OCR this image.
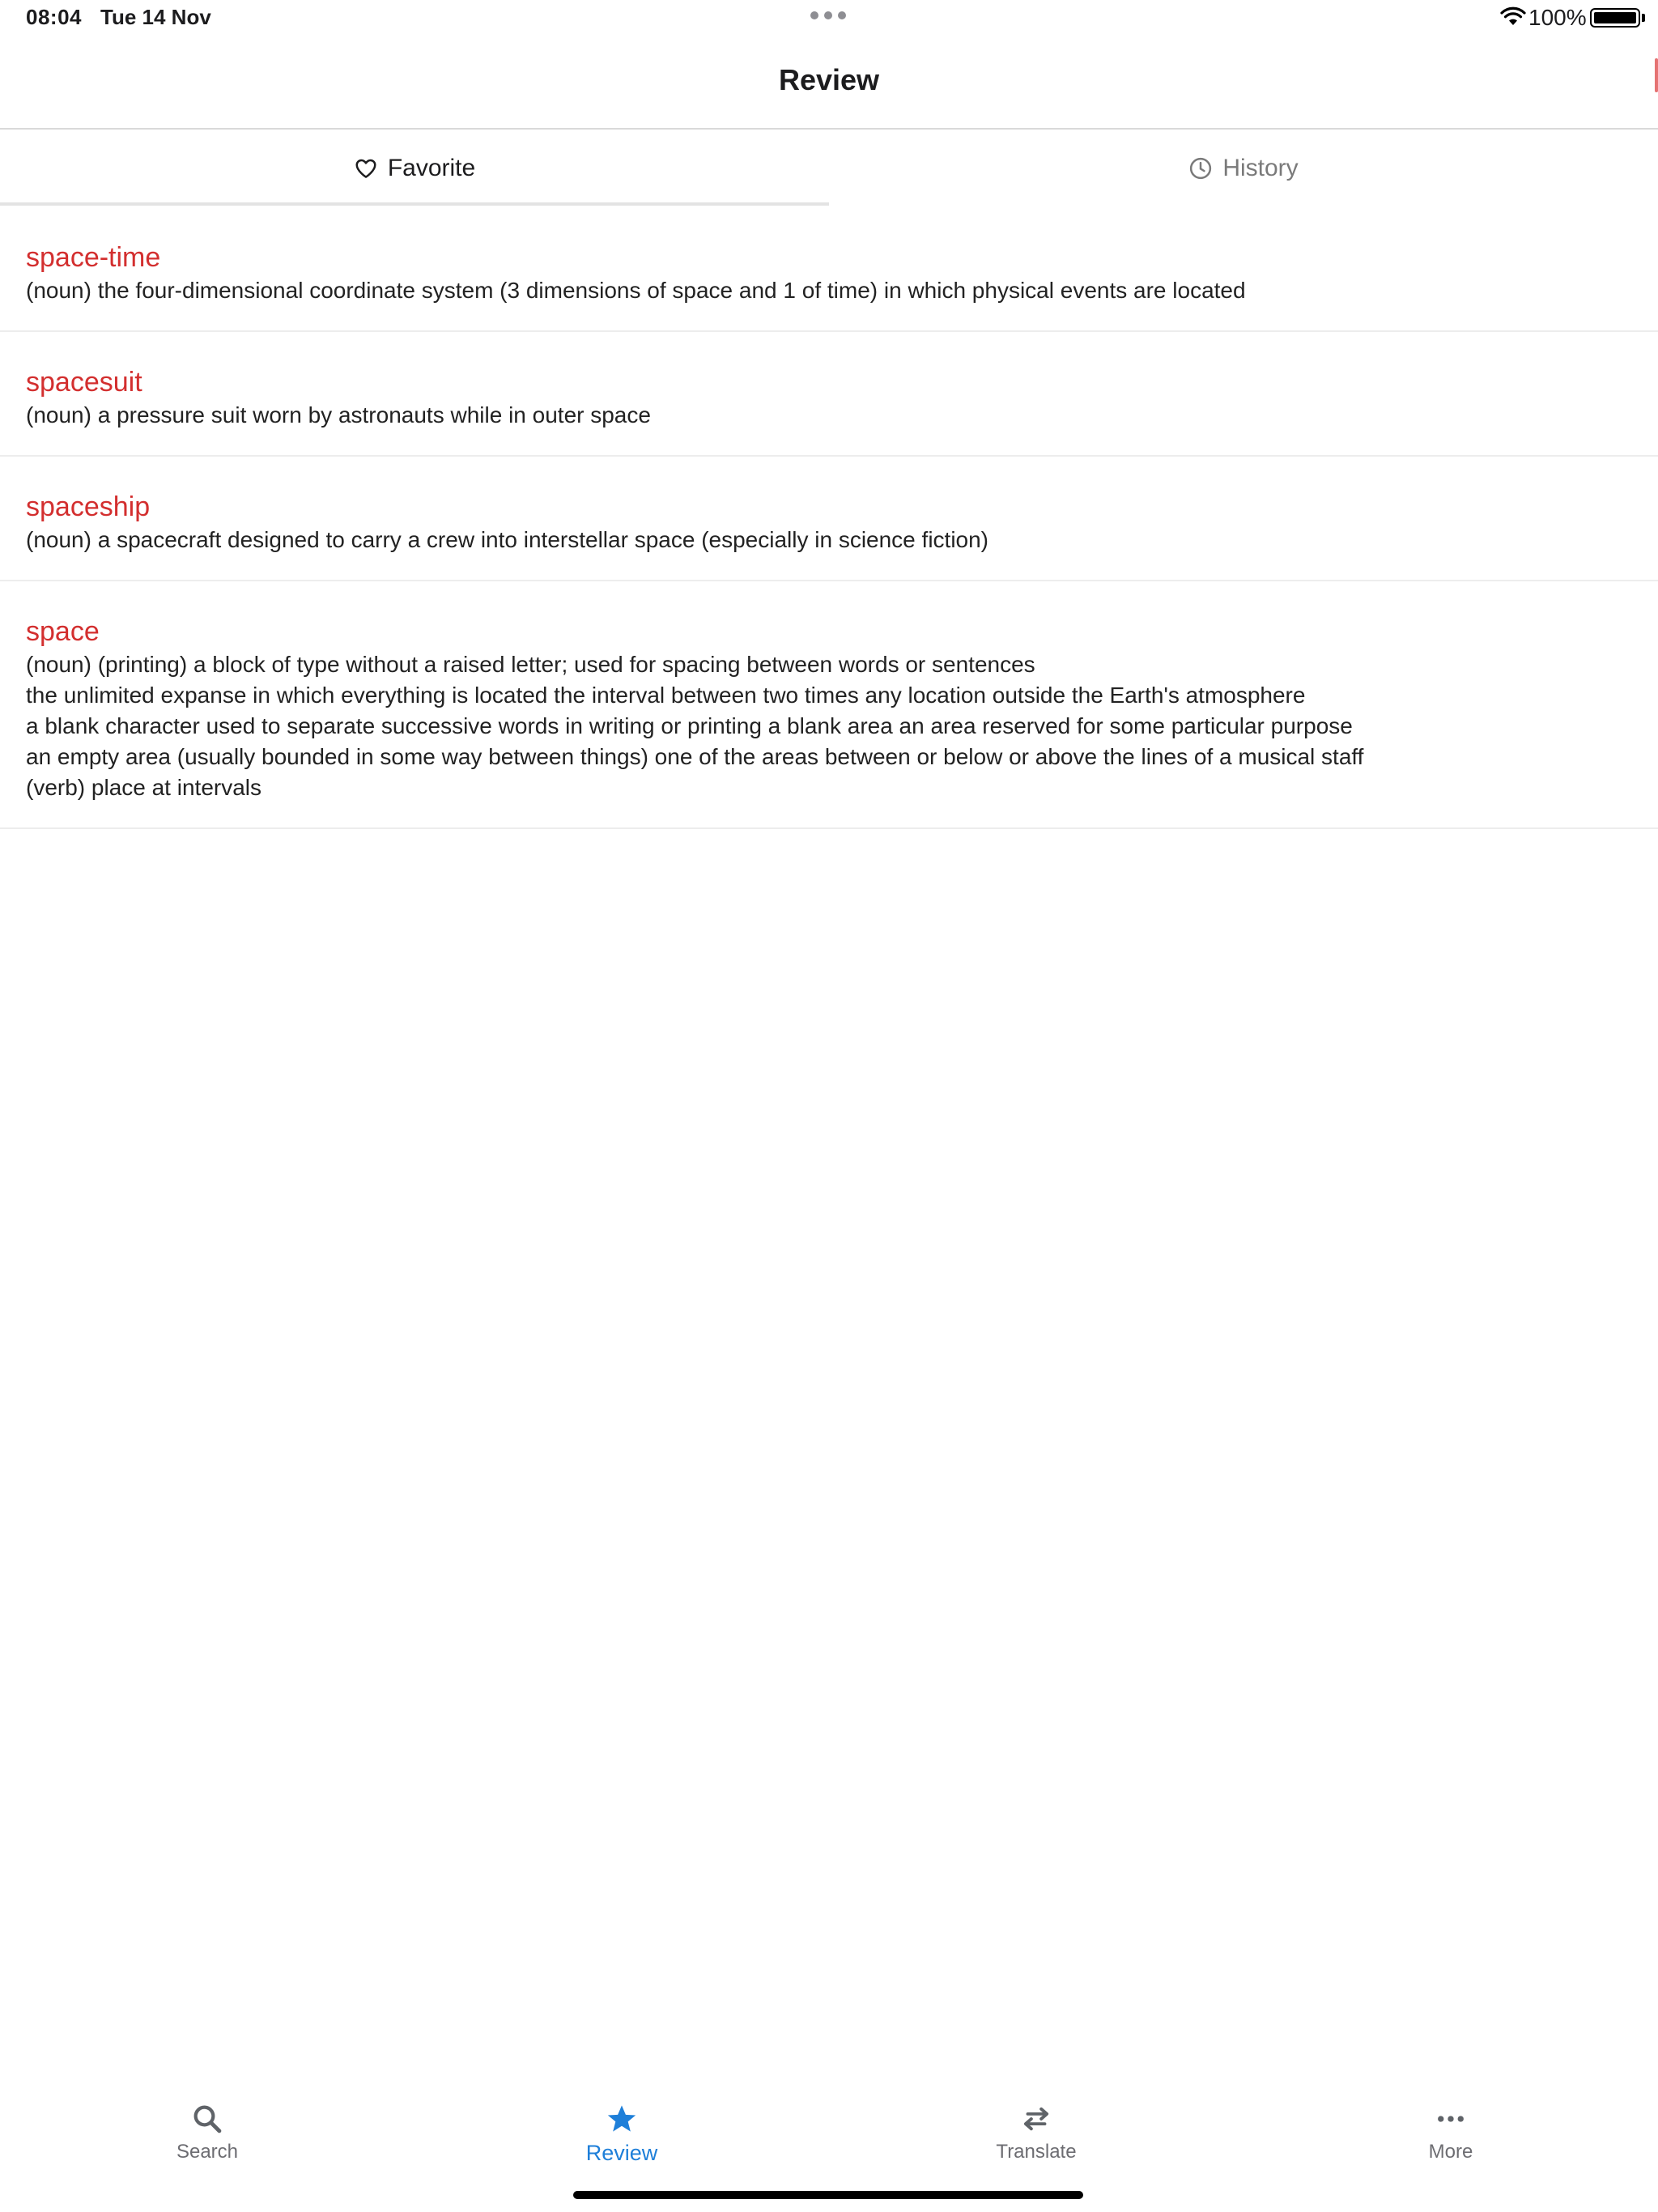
08:04 Tue 14 Nov	100%
Review
Favorite	History
space-time
(noun) the four-dimensional coordinate system (3 dimensions of space and 1 of time) in which physical events are located
spacesuit
(noun) a pressure suit worn by astronauts while in outer space
spaceship
(noun) a spacecraft designed to carry a crew into interstellar space (especially in science fiction)
space
(noun) (printing) a block of type without a raised letter; used for spacing between words or sentences
the unlimited expanse in which everything is located the interval between two times any location outside the Earth's atmosphere
a blank character used to separate successive words in writing or printing a blank area an area reserved for some particular purpose
an empty area (usually bounded in some way between things) one of the areas between or below or above the lines of a musical staff
(verb) place at intervals
Search	Review	Translate	More
